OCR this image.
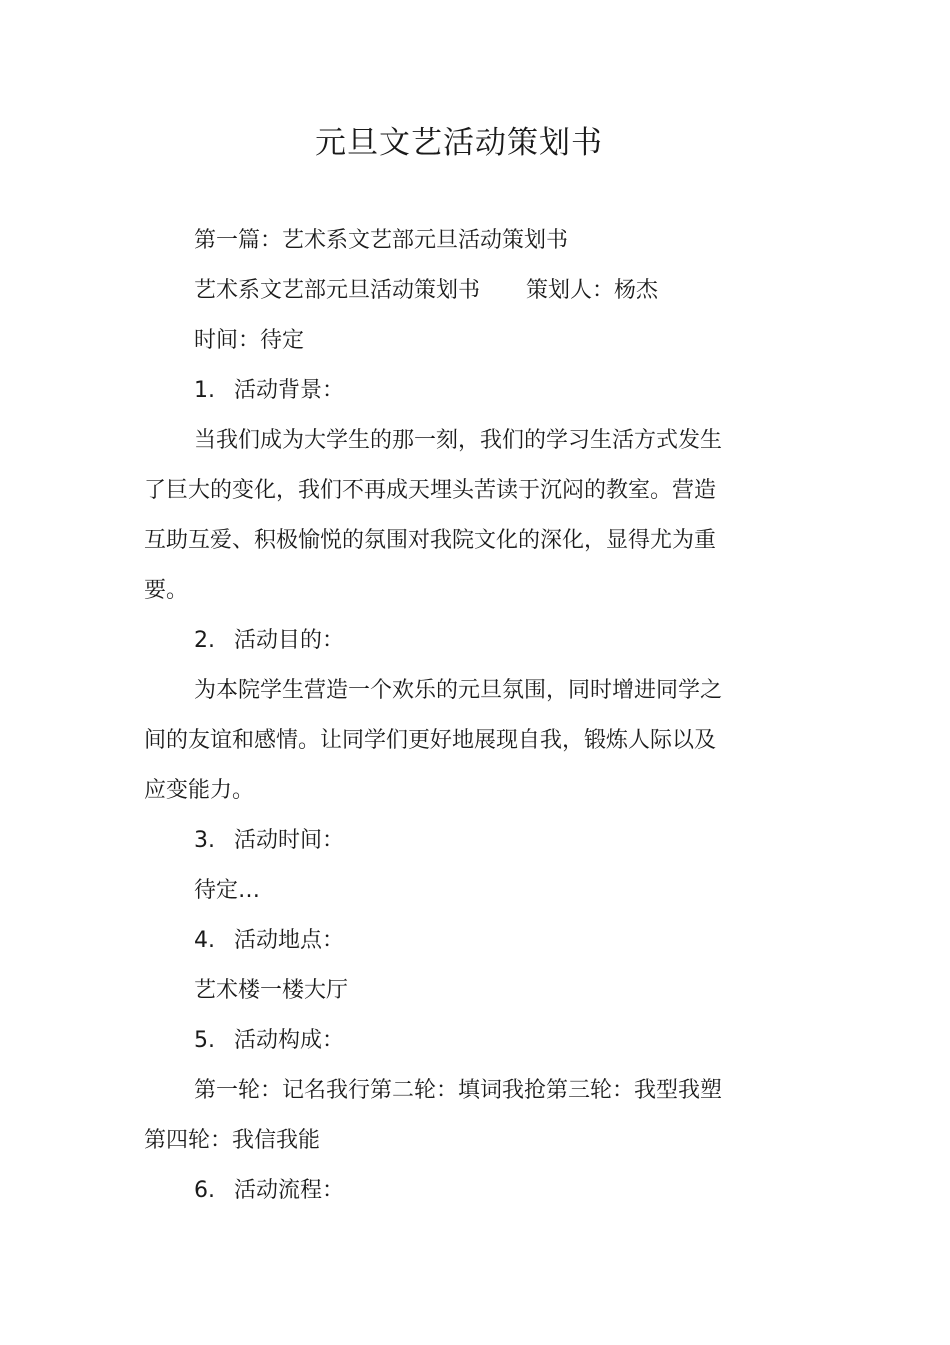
元旦文艺活动策划书
第一篇：艺术系文艺部元旦活动策划书
艺术系文艺部元旦活动策划书 策划人：杨杰
时间：待定
1. 活动背景：
当我们成为大学生的那一刻，我们的学习生活方式发生
了巨大的变化，我们不再成天埋头苦读于沉闷的教室。营造
互助互爱、积极愉悦的氛围对我院文化的深化，显得尤为重
要。
2. 活动目的：
为本院学生营造一个欢乐的元旦氛围，同时增进同学之
间的友谊和感情。让同学们更好地展现自我，锻炼人际以及
应变能力。
3. 活动时间：
待定…
4. 活动地点：
艺术楼一楼大厅
5. 活动构成：
第一轮：记名我行第二轮：填词我抢第三轮：我型我塑
第四轮：我信我能
6. 活动流程：
